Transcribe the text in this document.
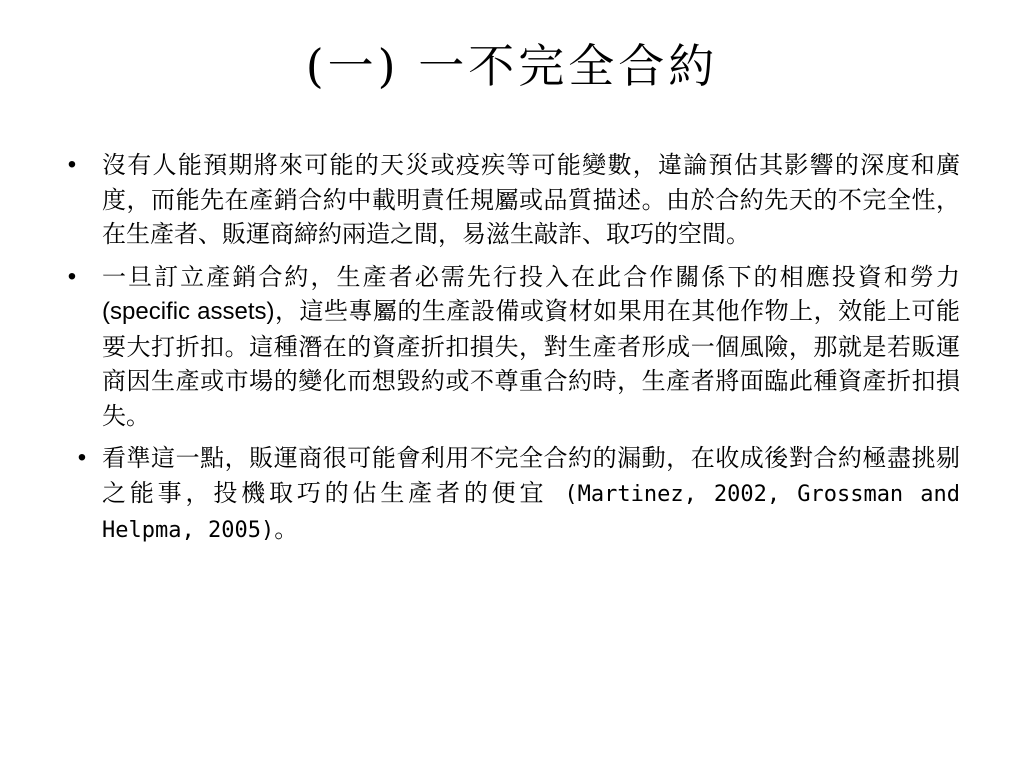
(一) 一不完全合約
• 沒有人能預期將來可能的天災或疫疾等可能變數，違論預估其影響的深度和廣度，而能先在產銷合約中載明責任規屬或品質描述。由於合約先天的不完全性，在生產者、販運商締約兩造之間，易滋生敲詐、取巧的空間。
• 一旦訂立產銷合約，生產者必需先行投入在此合作關係下的相應投資和勞力(specific assets)，這些專屬的生產設備或資材如果用在其他作物上，效能上可能要大打折扣。這種潛在的資產折扣損失，對生產者形成一個風險，那就是若販運商因生產或市場的變化而想毀約或不尊重合約時，生產者將面臨此種資產折扣損失。
• 看準這一點，販運商很可能會利用不完全合約的漏動，在收成後對合約極盡挑剔之能事，投機取巧的佔生產者的便宜 (Martinez, 2002, Grossman and Helpma, 2005)。
